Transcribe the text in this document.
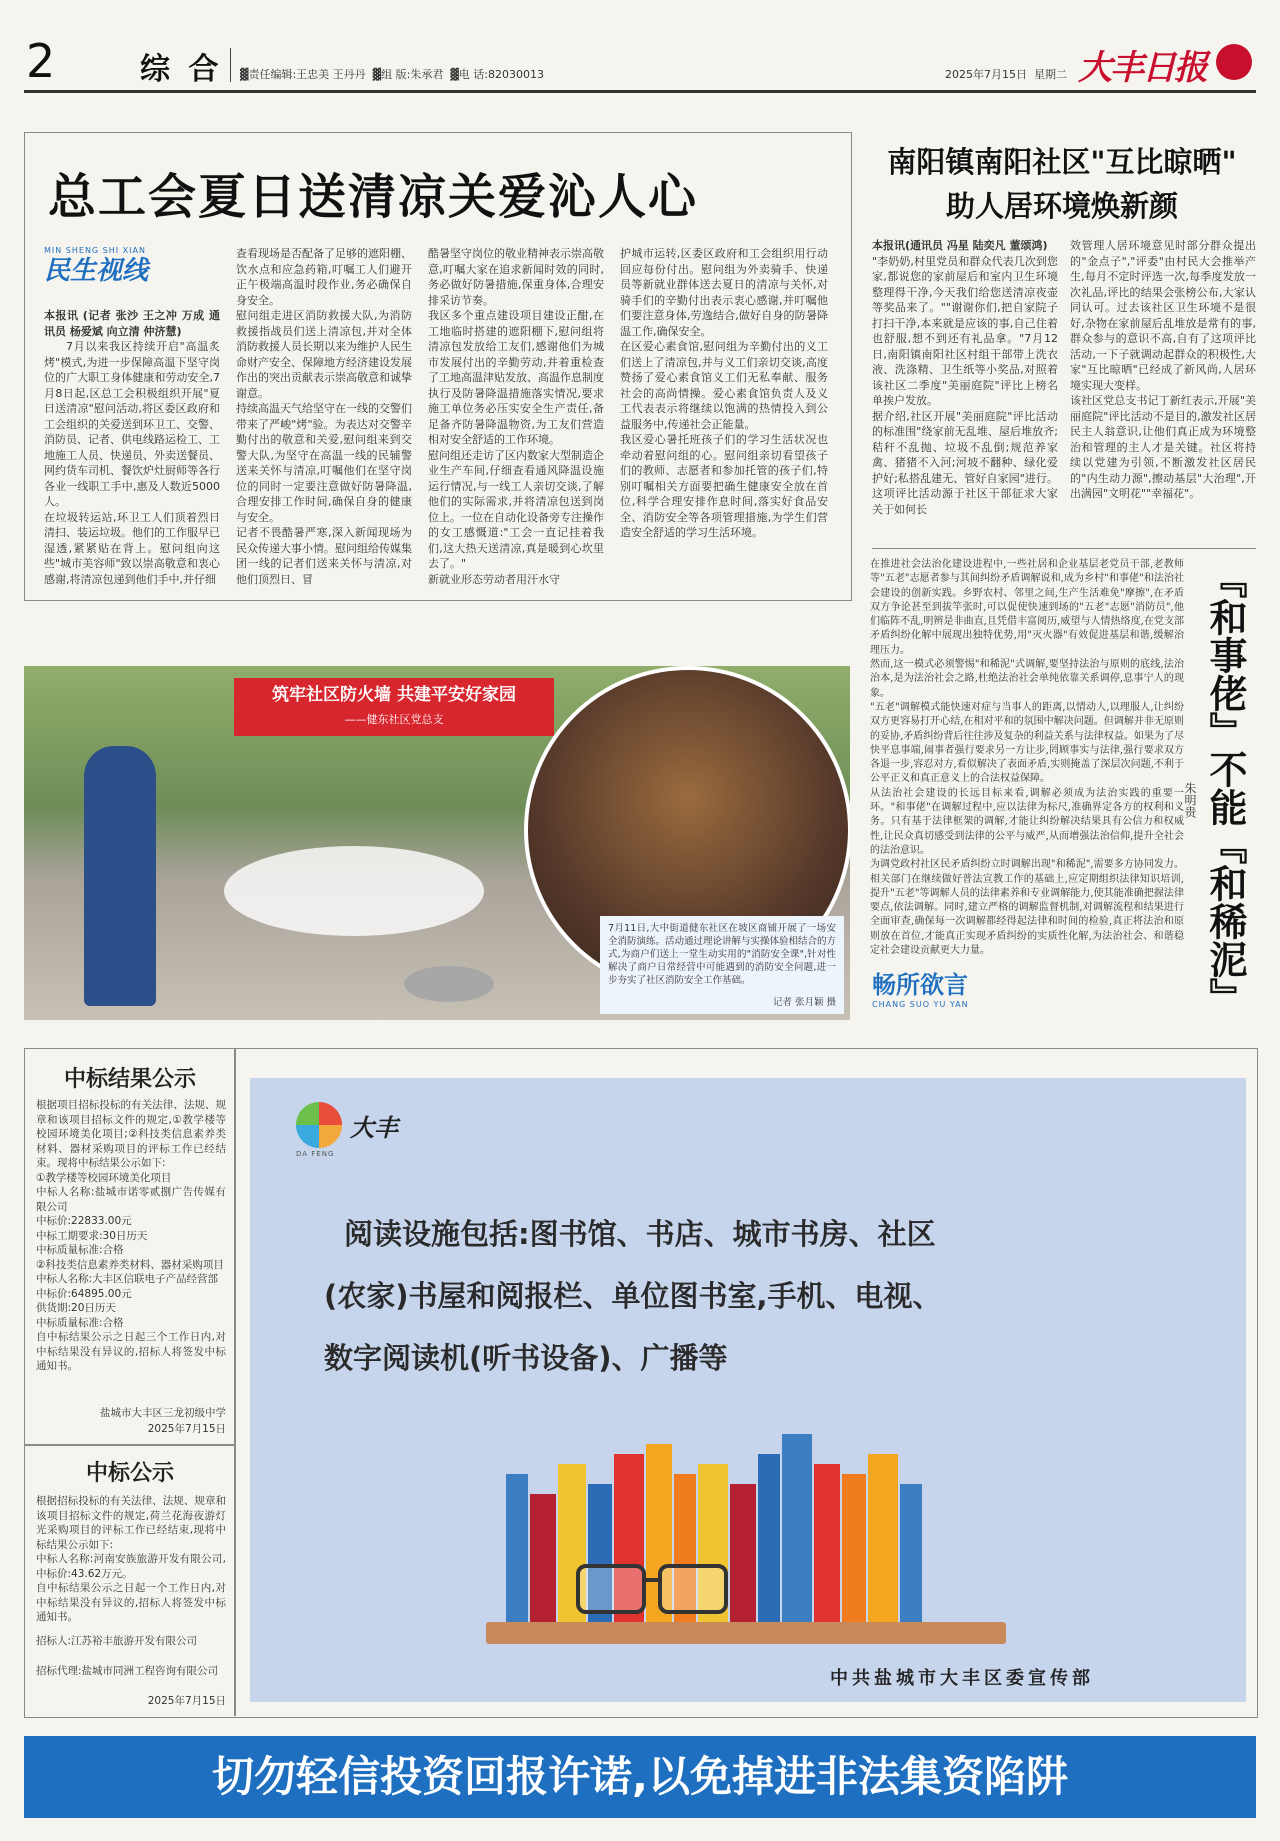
2	综 合 ▓责任编辑:王忠美 王丹丹 ▓组 版:朱承君 ▓电 话:82030013	2025年7月15日 星期二 大丰日报
总工会夏日送清凉关爱沁人心
MIN SHENG SHI XIAN
民生视线
本报讯 (记者 张沙 王之冲 万成 通讯员 杨爱斌 向立清 仲济慧)
7月以来我区持续开启"高温炙烤"模式,为进一步保障高温下坚守岗位的广大职工身体健康和劳动安全,7月8日起,区总工会积极组织开展"夏日送清凉"慰问活动,将区委区政府和工会组织的关爱送到环卫工、交警、消防员、记者、供电线路运检工、工地施工人员、快递员、外卖送餐员、网约货车司机、餐饮炉灶厨师等各行各业一线职工手中,惠及人数近5000人。
在垃圾转运站,环卫工人们顶着烈日清扫、装运垃圾。他们的工作服早已湿透,紧紧贴在背上。慰问组向这些"城市美容师"致以崇高敬意和衷心感谢,将清凉包递到他们手中,并仔细
查看现场是否配备了足够的遮阳棚、饮水点和应急药箱,叮嘱工人们避开正午极端高温时段作业,务必确保自身安全。
慰问组走进区消防救援大队,为消防救援指战员们送上清凉包,并对全体消防救援人员长期以来为维护人民生命财产安全、保障地方经济建设发展作出的突出贡献表示崇高敬意和诚挚谢意。
持续高温天气给坚守在一线的交警们带来了严峻"烤"验。为表达对交警辛勤付出的敬意和关爱,慰问组来到交警大队,为坚守在高温一线的民辅警送来关怀与清凉,叮嘱他们在坚守岗位的同时一定要注意做好防暑降温,合理安排工作时间,确保自身的健康与安全。
记者不畏酷暑严寒,深入新闻现场为民众传递大事小情。慰问组给传媒集团一线的记者们送来关怀与清凉,对他们顶烈日、冒
酷暑坚守岗位的敬业精神表示崇高敬意,叮嘱大家在追求新闻时效的同时,务必做好防暑措施,保重身体,合理安排采访节奏。
我区多个重点建设项目建设正酣,在工地临时搭建的遮阳棚下,慰问组将清凉包发放给工友们,感谢他们为城市发展付出的辛勤劳动,并着重检查了工地高温津贴发放、高温作息制度执行及防暑降温措施落实情况,要求施工单位务必压实安全生产责任,备足备齐防暑降温物资,为工友们营造相对安全舒适的工作环境。
慰问组还走访了区内数家大型制造企业生产车间,仔细查看通风降温设施运行情况,与一线工人亲切交谈,了解他们的实际需求,并将清凉包送到岗位上。一位在自动化设备旁专注操作的女工感慨道:"工会一直记挂着我们,这大热天送清凉,真是暖到心坎里去了。"
新就业形态劳动者用汗水守
护城市运转,区委区政府和工会组织用行动回应每份付出。慰问组为外卖骑手、快递员等新就业群体送去夏日的清凉与关怀,对骑手们的辛勤付出表示衷心感谢,并叮嘱他们要注意身体,劳逸结合,做好自身的防暑降温工作,确保安全。
在区爱心素食馆,慰问组为辛勤付出的义工们送上了清凉包,并与义工们亲切交谈,高度赞扬了爱心素食馆义工们无私奉献、服务社会的高尚情操。爱心素食馆负责人及义工代表表示将继续以饱满的热情投入到公益服务中,传递社会正能量。
我区爱心暑托班孩子们的学习生活状况也牵动着慰问组的心。慰问组亲切看望孩子们的教师、志愿者和参加托管的孩子们,特别叮嘱相关方面要把确生健康安全放在首位,科学合理安排作息时间,落实好食品安全、消防安全等各项管理措施,为学生们营造安全舒适的学习生活环境。
南阳镇南阳社区"互比晾晒"
助人居环境焕新颜
本报讯(通讯员 冯星 陆奕凡 董颂鸿)
"李奶奶,村里党员和群众代表几次到您家,都说您的家前屋后和室内卫生环境整理得干净,今天我们给您送清凉夜壶等奖品来了。""谢谢你们,把自家院子打扫干净,本来就是应该的事,自己住着也舒服,想不到还有礼品拿。"7月12日,南阳镇南阳社区村组干部带上洗衣液、洗涤精、卫生纸等小奖品,对照着该社区二季度"美丽庭院"评比上榜名单挨户发放。
据介绍,社区开展"美丽庭院"评比活动的标准围"绕家前无乱堆、屋后堆放齐;秸秆不乱抛、垃圾不乱倒;规范养家禽、猪猪不入河;河坡不翻种、绿化爱护好;私搭乱建无、管好自家园"进行。这项评比活动源于社区干部征求大家关于如何长
效管理人居环境意见时部分群众提出的"金点子","评委"由村民大会推举产生,每月不定时评选一次,每季度发放一次礼品,评比的结果会张榜公布,大家认同认可。过去该社区卫生环境不是很好,杂物在家前屋后乱堆放是常有的事,群众参与的意识不高,自有了这项评比活动,一下子就调动起群众的积极性,大家"互比晾晒"已经成了新风尚,人居环境实现大变样。
该社区党总支书记丁新红表示,开展"美丽庭院"评比活动不是目的,激发社区居民主人翁意识,让他们真正成为环境整治和管理的主人才是关键。社区将持续以党建为引领,不断激发社区居民的"内生动力源",擦动基层"大治理",开出满园"文明花""幸福花"。
在推进社会法治化建设进程中,一些社居和企业基层老党员干部,老教师等"五老"志愿者参与其间纠纷矛盾调解说和,成为乡村"和事佬"和法治社会建设的创新实践。乡野农村、邻里之间,生产生活难免"摩擦",在矛盾双方争论甚至到拔竿张时,可以促使快速到场的"五老"志愿"消防员",他们临阵不乱,明辨是非曲直,且凭借丰富阅历,威望与人情热络度,在党支部矛盾纠纷化解中展现出独特优势,用"灭火器"有效促进基层和谐,缓解治理压力。
然而,这一模式必须警惕"和稀泥"式调解,要坚持法治与原则的底线,法治治本,是为法治社会之路,杜绝法治社会单纯依靠关系调停,息事宁人的现象。
"五老"调解模式能快速对症与当事人的距离,以情动人,以理服人,让纠纷双方更容易打开心结,在相对平和的氛围中解决问题。但调解并非无原则的妥协,矛盾纠纷背后往往涉及复杂的利益关系与法律权益。如果为了尽快平息事端,闹事者强行要求另一方让步,罔顾事实与法律,强行要求双方各退一步,容忍对方,看似解决了表面矛盾,实则掩盖了深层次问题,不利于公平正义和真正意义上的合法权益保障。
从法治社会建设的长远目标来看,调解必须成为法治实践的重要一环。"和事佬"在调解过程中,应以法律为标尺,准确界定各方的权利和义务。只有基于法律框架的调解,才能让纠纷解决结果具有公信力和权威性,让民众真切感受到法律的公平与威严,从而增强法治信仰,提升全社会的法治意识。
为调党政村社区民矛盾纠纷立时调解出现"和稀泥",需要多方协同发力。相关部门在继续做好普法宣教工作的基础上,应定期组织法律知识培训,提升"五老"等调解人员的法律素养和专业调解能力,使其能准确把握法律要点,依法调解。同时,建立严格的调解监督机制,对调解流程和结果进行全面审查,确保每一次调解都经得起法律和时间的检验,真正将法治和原则放在首位,才能真正实现矛盾纠纷的实质性化解,为法治社会、和谐稳定社会建设贡献更大力量。	『和事佬』不能『和稀泥』
朱明贵
畅所欲言
CHANG SUO YU YAN
筑牢社区防火墙 共建平安好家园
——健东社区党总支
7月11日,大中街道健东社区在坡区商铺开展了一场安全消防演练。活动通过理论讲解与实操体验相结合的方式,为商户们送上一堂生动实用的"消防安全课",针对性解决了商户日常经营中可能遇到的消防安全问题,进一步夯实了社区消防安全工作基础。
记者 张月颖 摄
中标结果公示
根据项目招标投标的有关法律、法规、规章和该项目招标文件的规定,①教学楼等校园环境美化项目;②科技类信息素养类材料、器材采购项目的评标工作已经结束。现将中标结果公示如下:
①教学楼等校园环境美化项目
中标人名称:盐城市诺零贰捌广告传媒有限公司
中标价:22833.00元
中标工期要求:30日历天
中标质量标准:合格
②科技类信息素养类材料、器材采购项目
中标人名称:大丰区信联电子产品经营部
中标价:64895.00元
供货期:20日历天
中标质量标准:合格
自中标结果公示之日起三个工作日内,对中标结果没有异议的,招标人将签发中标通知书。
盐城市大丰区三龙初级中学
2025年7月15日
中标公示
根据招标投标的有关法律、法规、规章和该项目招标文件的规定,荷兰花海夜游灯光采购项目的评标工作已经结束,现将中标结果公示如下:
中标人名称:河南安族旅游开发有限公司,中标价:43.62万元。
自中标结果公示之日起一个工作日内,对中标结果没有异议的,招标人将签发中标通知书。
招标人:江苏裕丰旅游开发有限公司
招标代理:盐城市同洲工程咨询有限公司
2025年7月15日
大丰
DA FENG
阅读设施包括:图书馆、书店、城市书房、社区
(农家)书屋和阅报栏、单位图书室,手机、电视、
数字阅读机(听书设备)、广播等
中共盐城市大丰区委宣传部
切勿轻信投资回报许诺,以免掉进非法集资陷阱
